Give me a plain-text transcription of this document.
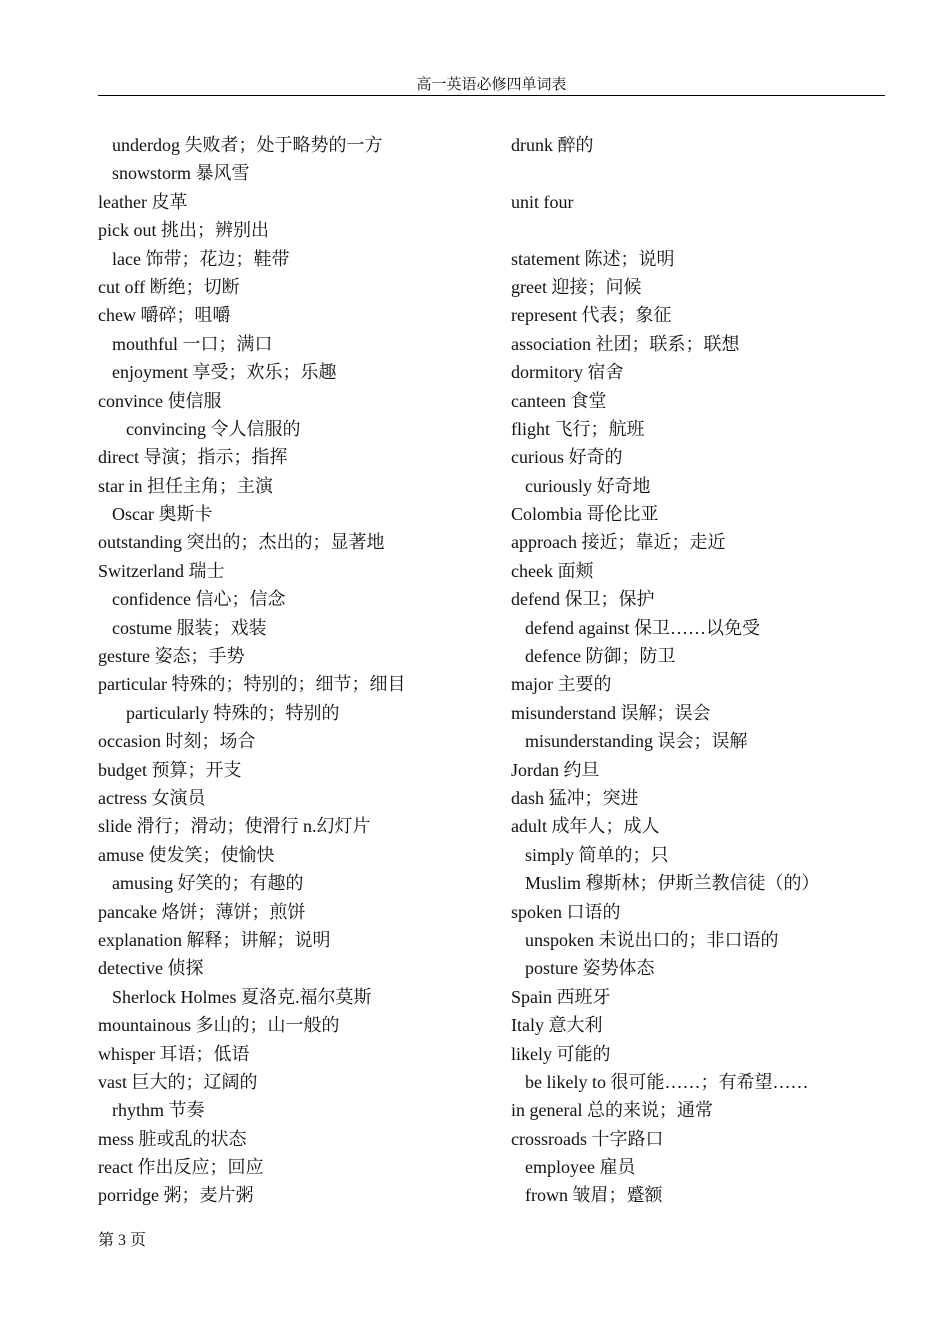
高一英语必修四单词表
underdog 失败者；处于略势的一方
snowstorm 暴风雪
leather 皮革
pick out 挑出；辨别出
lace 饰带；花边；鞋带
cut off 断绝；切断
chew 嚼碎；咀嚼
mouthful 一口；满口
enjoyment 享受；欢乐；乐趣
convince 使信服
convincing 令人信服的
direct 导演；指示；指挥
star in 担任主角；主演
Oscar 奥斯卡
outstanding 突出的；杰出的；显著地
Switzerland 瑞士
confidence 信心；信念
costume 服装；戏装
gesture 姿态；手势
particular 特殊的；特别的；细节；细目
particularly 特殊的；特别的
occasion 时刻；场合
budget 预算；开支
actress 女演员
slide 滑行；滑动；使滑行 n.幻灯片
amuse 使发笑；使愉快
amusing 好笑的；有趣的
pancake 烙饼；薄饼；煎饼
explanation 解释；讲解；说明
detective 侦探
Sherlock Holmes 夏洛克.福尔莫斯
mountainous 多山的；山一般的
whisper 耳语；低语
vast 巨大的；辽阔的
rhythm 节奏
mess 脏或乱的状态
react 作出反应；回应
porridge 粥；麦片粥
drunk 醉的
unit four
statement 陈述；说明
greet 迎接；问候
represent 代表；象征
association 社团；联系；联想
dormitory 宿舍
canteen 食堂
flight 飞行；航班
curious 好奇的
curiously 好奇地
Colombia 哥伦比亚
approach 接近；靠近；走近
cheek 面颊
defend 保卫；保护
defend against 保卫……以免受
defence 防御；防卫
major 主要的
misunderstand 误解；误会
misunderstanding 误会；误解
Jordan 约旦
dash 猛冲；突进
adult 成年人；成人
simply 简单的；只
Muslim 穆斯林；伊斯兰教信徒（的）
spoken 口语的
unspoken 未说出口的；非口语的
posture 姿势体态
Spain 西班牙
Italy 意大利
likely 可能的
be likely to 很可能……；有希望……
in general 总的来说；通常
crossroads 十字路口
employee 雇员
frown 皱眉；蹙额
第 3 页
